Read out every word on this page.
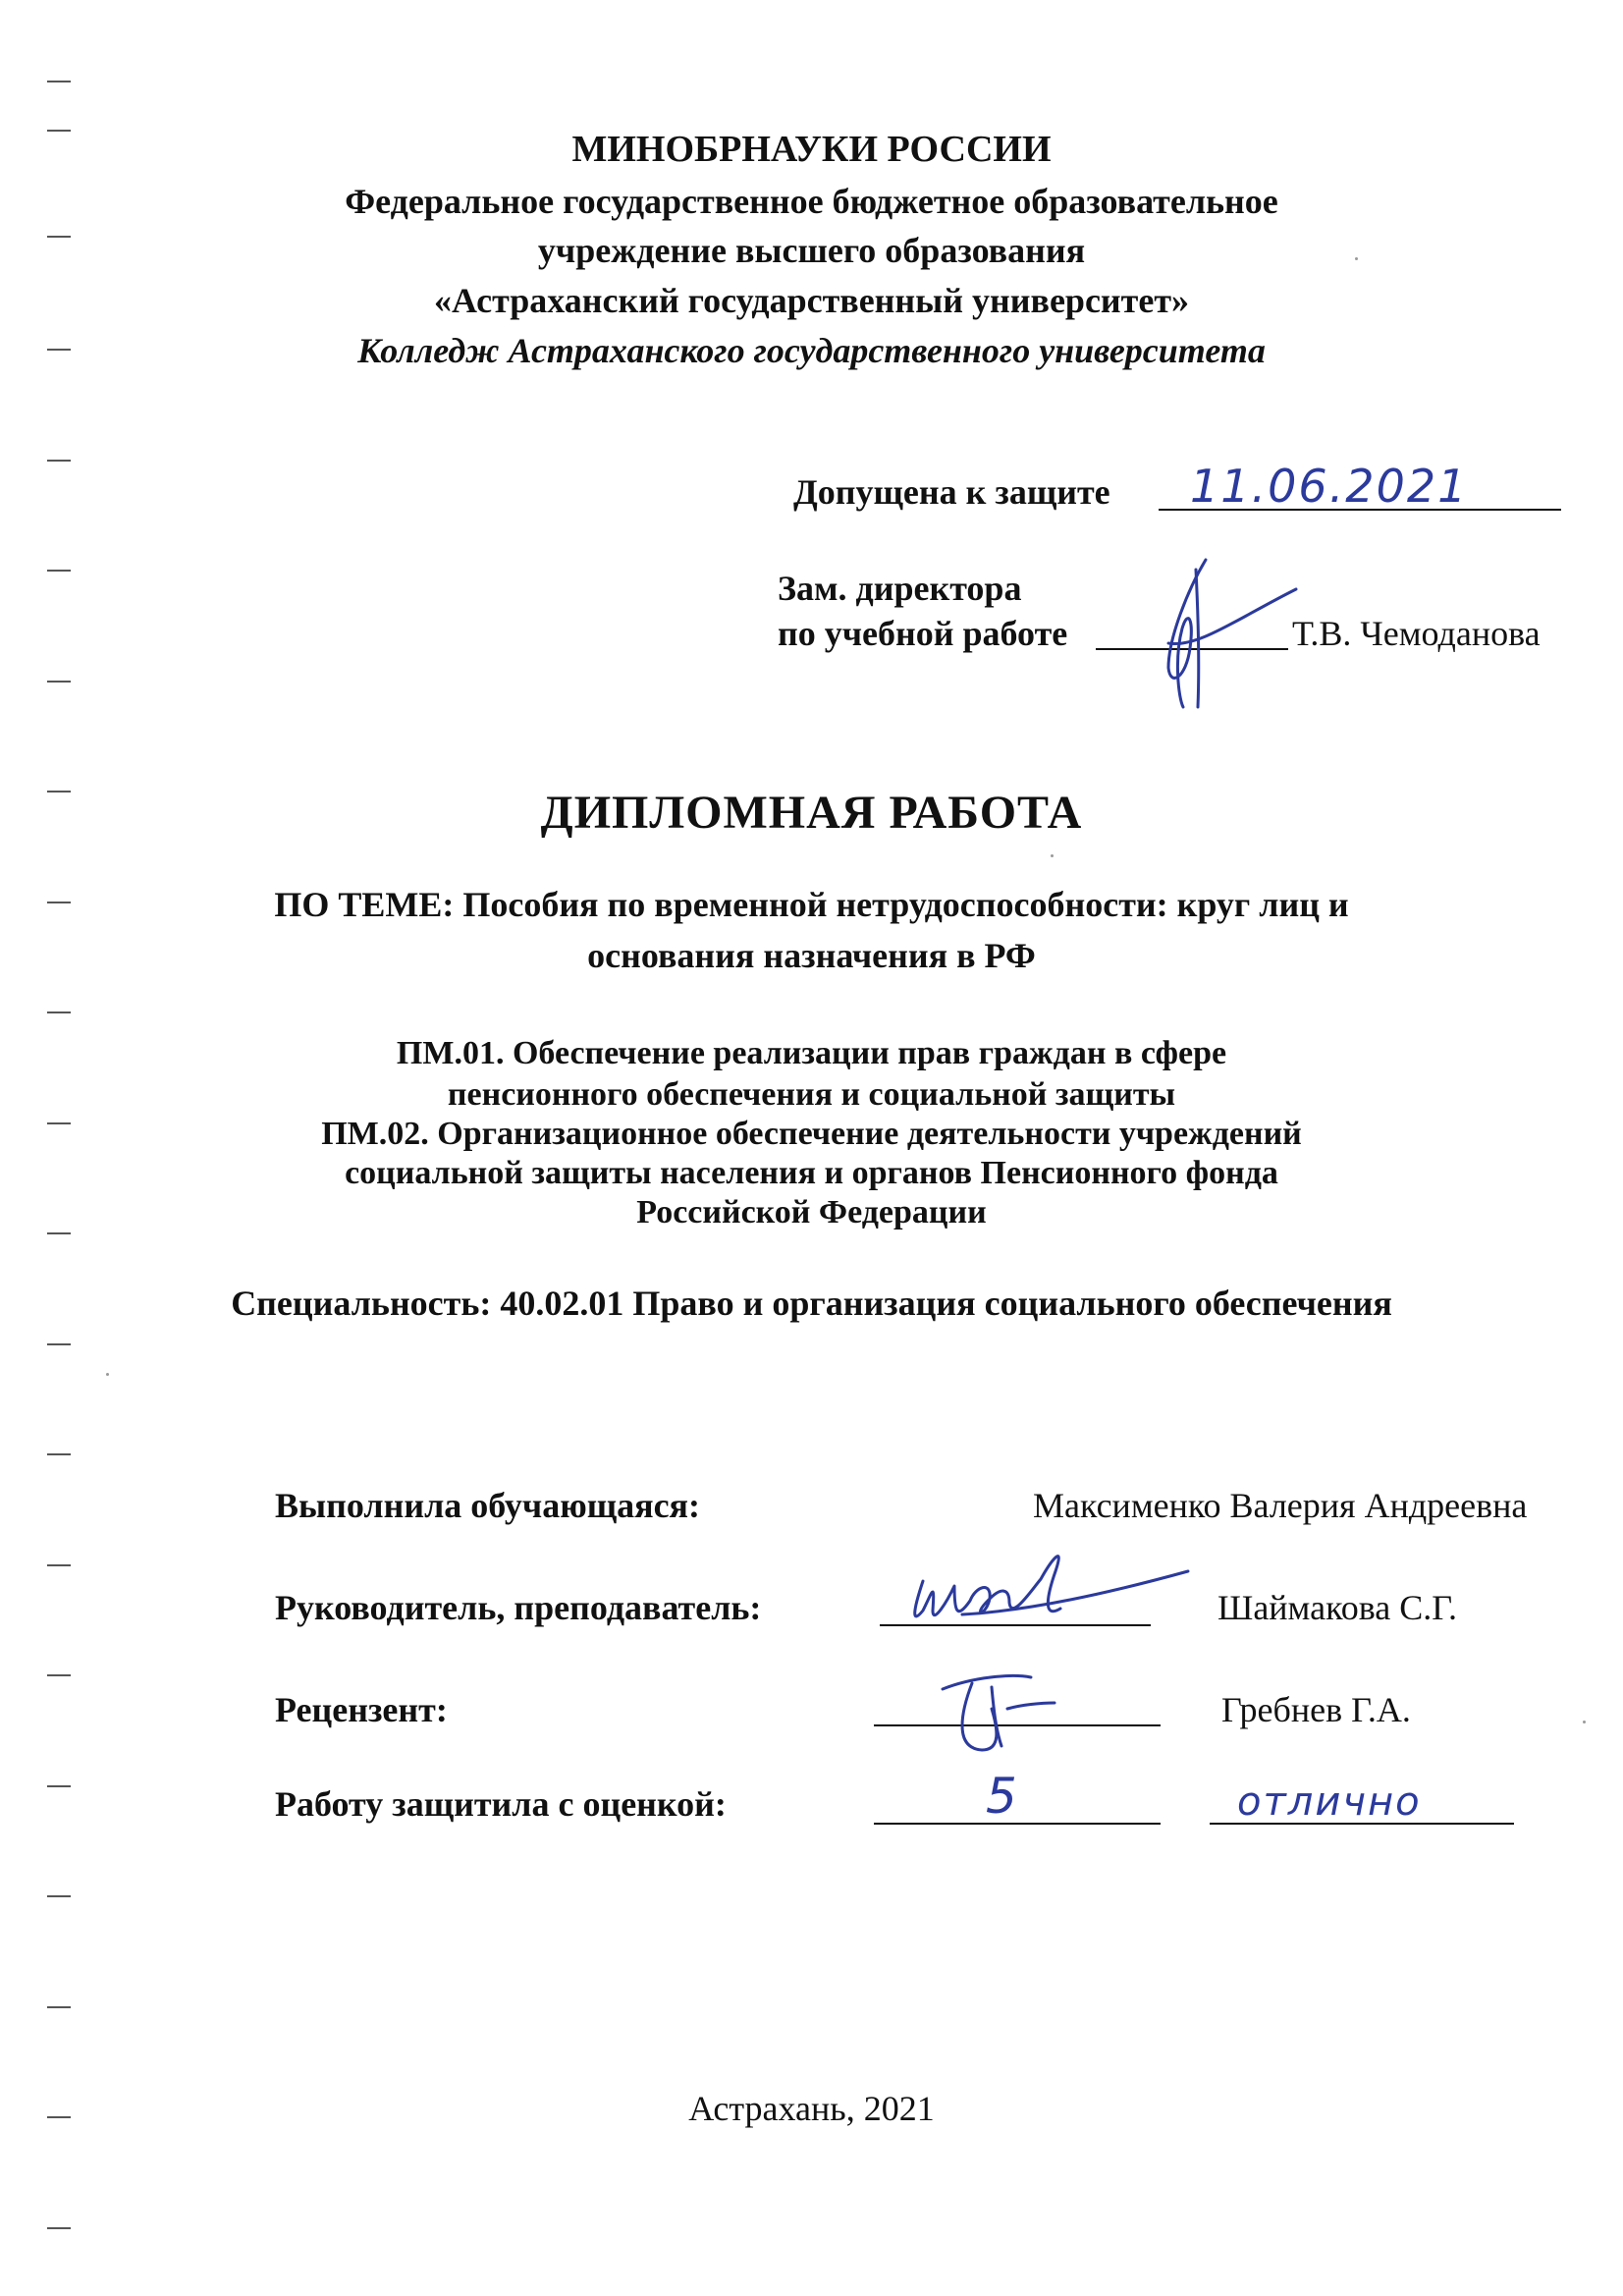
МИНОБРНАУКИ РОССИИ
Федеральное государственное бюджетное образовательное
учреждение высшего образования
«Астраханский государственный университет»
Колледж Астраханского государственного университета
Допущена к защите 11.06.2021
Зам. директора
по учебной работе	Т.В. Чемоданова
ДИПЛОМНАЯ РАБОТА
ПО ТЕМЕ: Пособия по временной нетрудоспособности: круг лиц и
основания назначения в РФ
ПМ.01. Обеспечение реализации прав граждан в сфере
пенсионного обеспечения и социальной защиты
ПМ.02. Организационное обеспечение деятельности учреждений
социальной защиты населения и органов Пенсионного фонда
Российской Федерации
Специальность: 40.02.01 Право и организация социального обеспечения
Выполнила обучающаяся:	Максименко Валерия Андреевна
Руководитель, преподаватель:	Шаймакова С.Г.
Рецензент:	Гребнев Г.А.
Работу защитила с оценкой:	5	отлично
Астрахань, 2021
